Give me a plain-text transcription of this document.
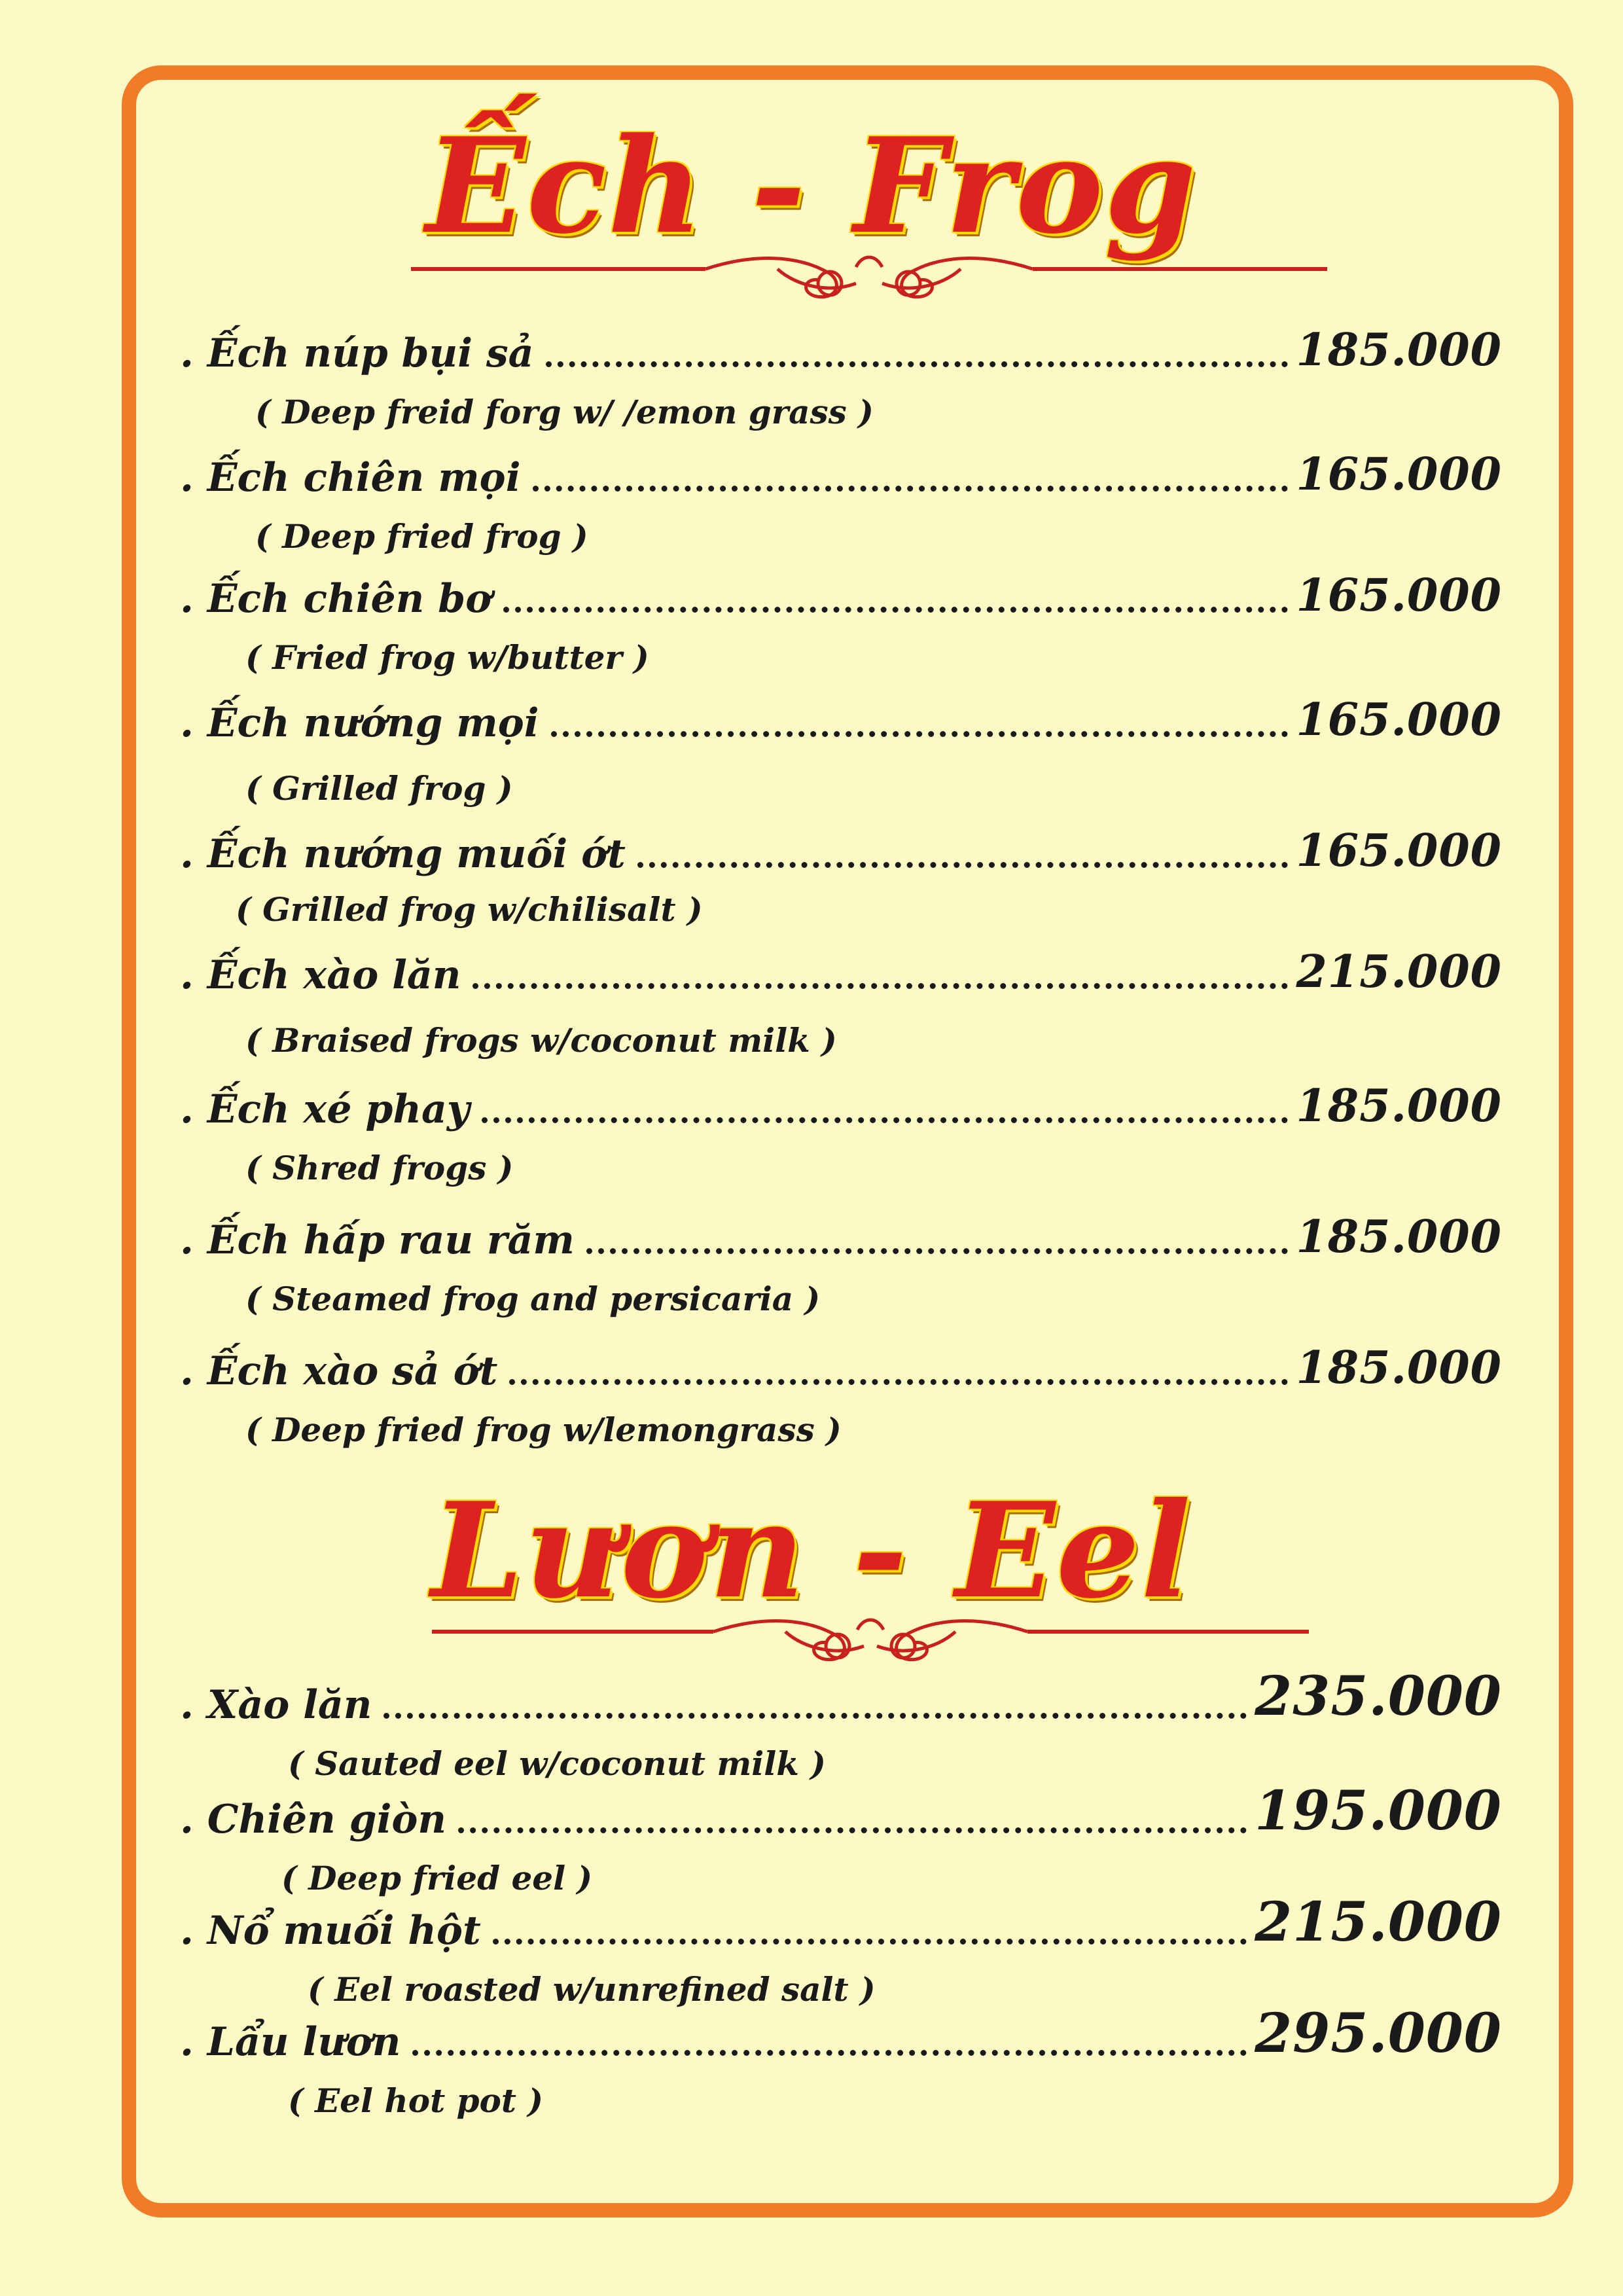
Ếch - Frog
. Ếch núp bụi sả	185.000
( Deep freid forg w/ /emon grass )
. Ếch chiên mọi	165.000
( Deep fried frog )
. Ếch chiên bơ	165.000
( Fried frog w/butter )
. Ếch nướng mọi	165.000
( Grilled frog )
. Ếch nướng muối ớt	165.000
( Grilled frog w/chilisalt )
. Ếch xào lăn	215.000
( Braised frogs w/coconut milk )
. Ếch xé phay	185.000
( Shred frogs )
. Ếch hấp rau răm	185.000
( Steamed frog and persicaria )
. Ếch xào sả ớt	185.000
( Deep fried frog w/lemongrass )
Lươn - Eel
. Xào lăn	235.000
( Sauted eel w/coconut milk )
. Chiên giòn	195.000
( Deep fried eel )
. Nổ muối hột	215.000
( Eel roasted w/unrefined salt )
. Lẩu lươn	295.000
( Eel hot pot )
